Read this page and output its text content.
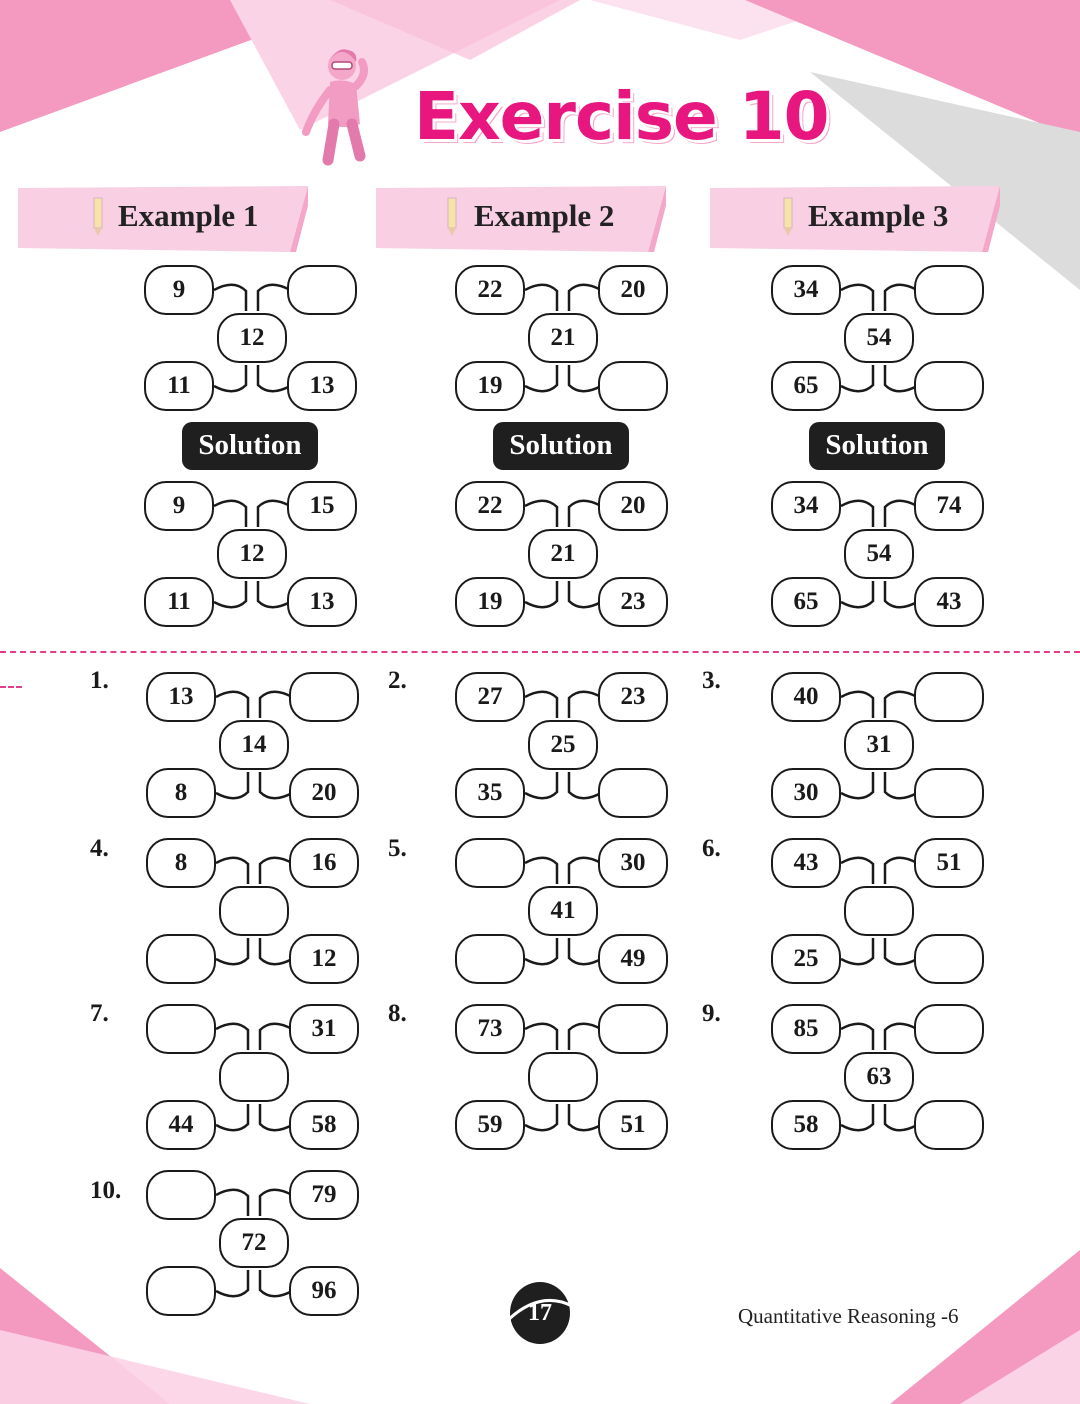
Exercise 10
Example 1	Example 2	Example 3
9
12
11	13
22	20
21
19
34
54
65
Solution	Solution	Solution
9	15
12
11	13
22	20
21
19	23
34	74
54
65	43
1.
13
14
8	20
2.
27	23
25
35
3.
40
31
30
4.
8	16
12
5.
30
41
49
6.
43	51
25
7.
31
44	58
8.
73
59	51
9.
85
63
58
10.	79
72
96
17	Quantitative Reasoning -6
